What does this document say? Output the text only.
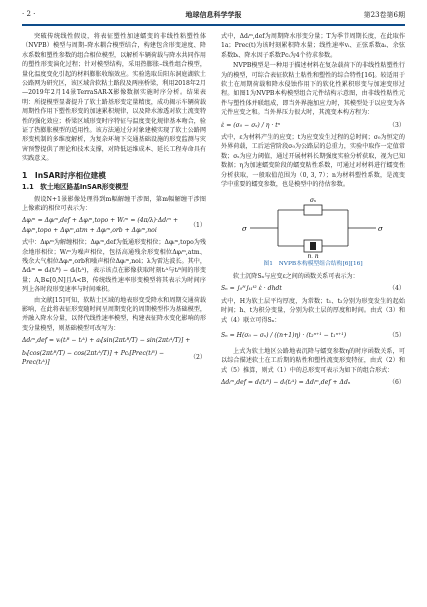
· 2 ·	地球信息科学学报	第23卷第6期

突破传统线性假设，将表征塑性加速蠕变的非线性粘塑性体（NVPB）模型与周期–降水耦合模型结合，构建包含形变速度、降水系数和塑性参数的组合相位模型，以解析车辆荷载与降水共同作用的塑性形变演化过程；针对模型结构，采用热膨胀–线性组合模型，量化温度变化引起的材料膨胀收缩效应。实验选取岳阳东洞庭湖软土公路网为研究区，该区域含软粘土路段及两座桥梁，利用2018年2月—2019年2月14景TerraSAR-X影像数据实施时序分析。结果表明：所提模型显著提升了软土路基形变定量精度，成功揭示车辆荷载周期性作用下塑性形变的加速累积规律，以及降水渗透对软土流变特性的强化效应；桥梁区域形变时序特征与温度变化规律基本吻合，验证了热膨胀模型的适用性。该方法通过分对象建模实现了软土公路网形变机制的多维度解析，为复杂环境下交通基础设施的形变监测与灾害预警提供了理论和技术支撑，对降低运维成本、延长工程寿命具有实践意义。

1　InSAR时序相位建模
1.1　软土地区路基InSAR形变模型

假设N+1景影像处理得到m幅解缠干涉图，第m幅解缠干涉图上像素i的相位可表示为：

Δφᵢᵐ = Δφᵢᵐ,def + Δφᵢᵐ,topo + Wᵢᵐ = (4π/λ)·Δdᵢᵐ + Δφᵢᵐ,topo + Δφᵢᵐ,atm + Δφᵢᵐ,orb + Δφᵢᵐ,noi
（1）

式中：Δφᵢᵐ为解缠相位；Δφᵢᵐ,def为低通形变相位；Δφᵢᵐ,topo为残余地形相位；Wᵢᵐ为噪声相位，包括高通残余形变相位Δφᵢᵐ,atm、残余大气相位Δφᵢᵐ,orb和噪声相位Δφᵢᵐ,noi；λ为雷达波长。其中，Δdᵢᵐ = dᵢ(tᵢᴮ) − dᵢ(tᵢᴬ)，表示该点在影像获取时刻tᵢᴬ与tᵢᴮ间的形变量；A,B∈[0,N]且A<B，传统线性速率形变模型将其表示为时间序列上各时段形变速率与时间乘积。

由文献[15]可知，软粘土区域的地表形变受降水和周期交通荷载影响，在此将表征形变随时间呈周期变化的周期模型作为基础模型，并融入降水分量，以替代线性速率模型，构建表征降水变化影响的形变分量模型，则基础模型可改写为：

Δdᵢᵐ,def = vᵢ(tᵢᴮ − tᵢᴬ) + aᵢ[sin(2πtᵢᴮ/T) − sin(2πtᵢᴬ/T)] +
bᵢ[cos(2πtᵢᴮ/T) − cos(2πtᵢᴬ/T)] + Pcᵢ[Prec(tᵢᴮ) − Prec(tᵢᴬ)]
（2）

式中，Δdᵢᵐ,def为周期降水形变分量；T为季节周期长度，在此取作1a；Prec(t)为该时刻累积降水量；线性速率vᵢ、正弦系数aᵢ、余弦系数bᵢ、降水因子系数Pcᵢ为4个待求参数。

NVPB模型是一种用于描述材料在复杂载荷下的非线性粘塑性行为的模型，可综合表征软粘土粘性和塑性的综合特性[16]。较适用于软土在周期荷载和降水侵蚀作用下的软化性累积形变与加速变形过程。如图1为NVPB本构模型组合元件结构示意图，由非线性粘性元件与塑性体并联组成，即当外界施加应力时，其模型处于以应变为各元件应变之和。当外界压力很大时，其流变本构方程为：

ε̇ = (σ₀ − σₛ) / η · tⁿ	（3）

式中，ε为材料产生的应变；t为应变发生过程的总时间；σ₀为恒定的外界荷载，工后运营阶段σ₀为公路层的总重力，实验中取作一定值常数；σₛ为应力阈值，通过开展材料长期强度实验分析获取，视为已知数据；η为加速蠕变阶段的蠕变粘性系数，可通过对材料进行蠕变性分析获取，一般取值范围为（0, 3, 7）；n为材料塑性系数，是流变学中重要的蠕变参数，也是模型中的待估参数。

σₛ
σ	σ
η, n
图1　NVPB本构模型组合结构[6][16]

软土沉降Sₙ与应变ε之间的函数关系可表示为：

Sₙ = ∫₀ᴴ∫ₜ₁ᵗ² ε̇ · dhdt	（4）

式中，H为软土层平均厚度，为常数；t₁、t₂分别为形变发生的起始时间；h、t为积分变量，分别为软土层的厚度和时间。由式（3）和式（4）联立可得Sₙ：

Sₙ = H(σ₀ − σₛ) / ((n+1)η) · (t₂ⁿ⁺¹ − t₁ⁿ⁺¹)	（5）

上式为软土地区公路地表沉降与蠕变参数η的时序函数关系，可以综合描述软土在工后期的粘性和塑性流变形变特征，由式（2）和式（5）推算，则式（1）中的总形变可表示为如下的组合形式：

Δdᵢᵐ,def = dᵢ(tᵢᴮ) − dᵢ(tᵢᴬ) = Δdᵢᵐ,def + Δdₙ	（6）
